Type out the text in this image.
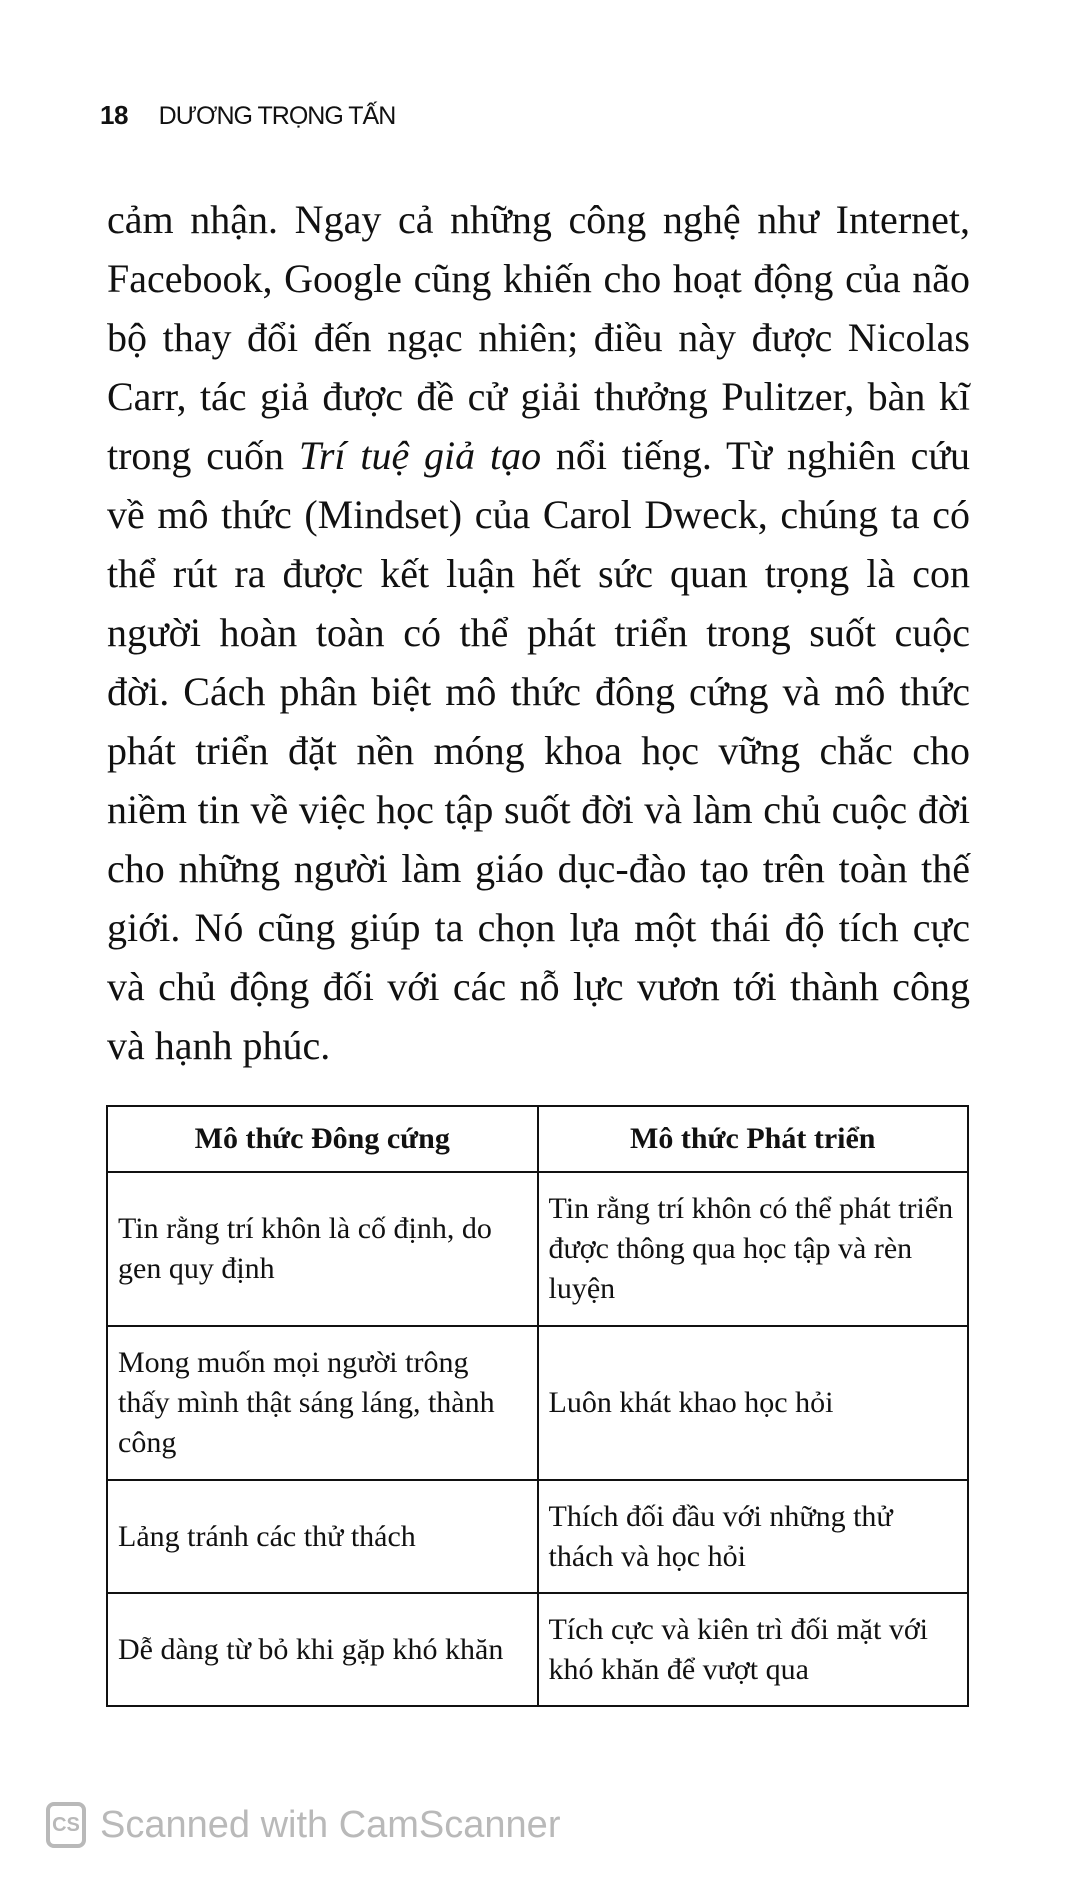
18 DƯƠNG TRỌNG TẤN
cảm nhận. Ngay cả những công nghệ như Internet,
Facebook, Google cũng khiến cho hoạt động của não
bộ thay đổi đến ngạc nhiên; điều này được Nicolas
Carr, tác giả được đề cử giải thưởng Pulitzer, bàn kĩ
trong cuốn Trí tuệ giả tạo nổi tiếng. Từ nghiên cứu
về mô thức (Mindset) của Carol Dweck, chúng ta có
thể rút ra được kết luận hết sức quan trọng là con
người hoàn toàn có thể phát triển trong suốt cuộc
đời. Cách phân biệt mô thức đông cứng và mô thức
phát triển đặt nền móng khoa học vững chắc cho
niềm tin về việc học tập suốt đời và làm chủ cuộc đời
cho những người làm giáo dục-đào tạo trên toàn thế
giới. Nó cũng giúp ta chọn lựa một thái độ tích cực
và chủ động đối với các nỗ lực vươn tới thành công
và hạnh phúc.
Mô thức Đông cứng	Mô thức Phát triển
Tin rằng trí khôn là cố định, do gen quy định	Tin rằng trí khôn có thể phát triển được thông qua học tập và rèn luyện
Mong muốn mọi người trông thấy mình thật sáng láng, thành công	Luôn khát khao học hỏi
Lảng tránh các thử thách	Thích đối đầu với những thử thách và học hỏi
Dễ dàng từ bỏ khi gặp khó khăn	Tích cực và kiên trì đối mặt với khó khăn để vượt qua
CS Scanned with CamScanner
